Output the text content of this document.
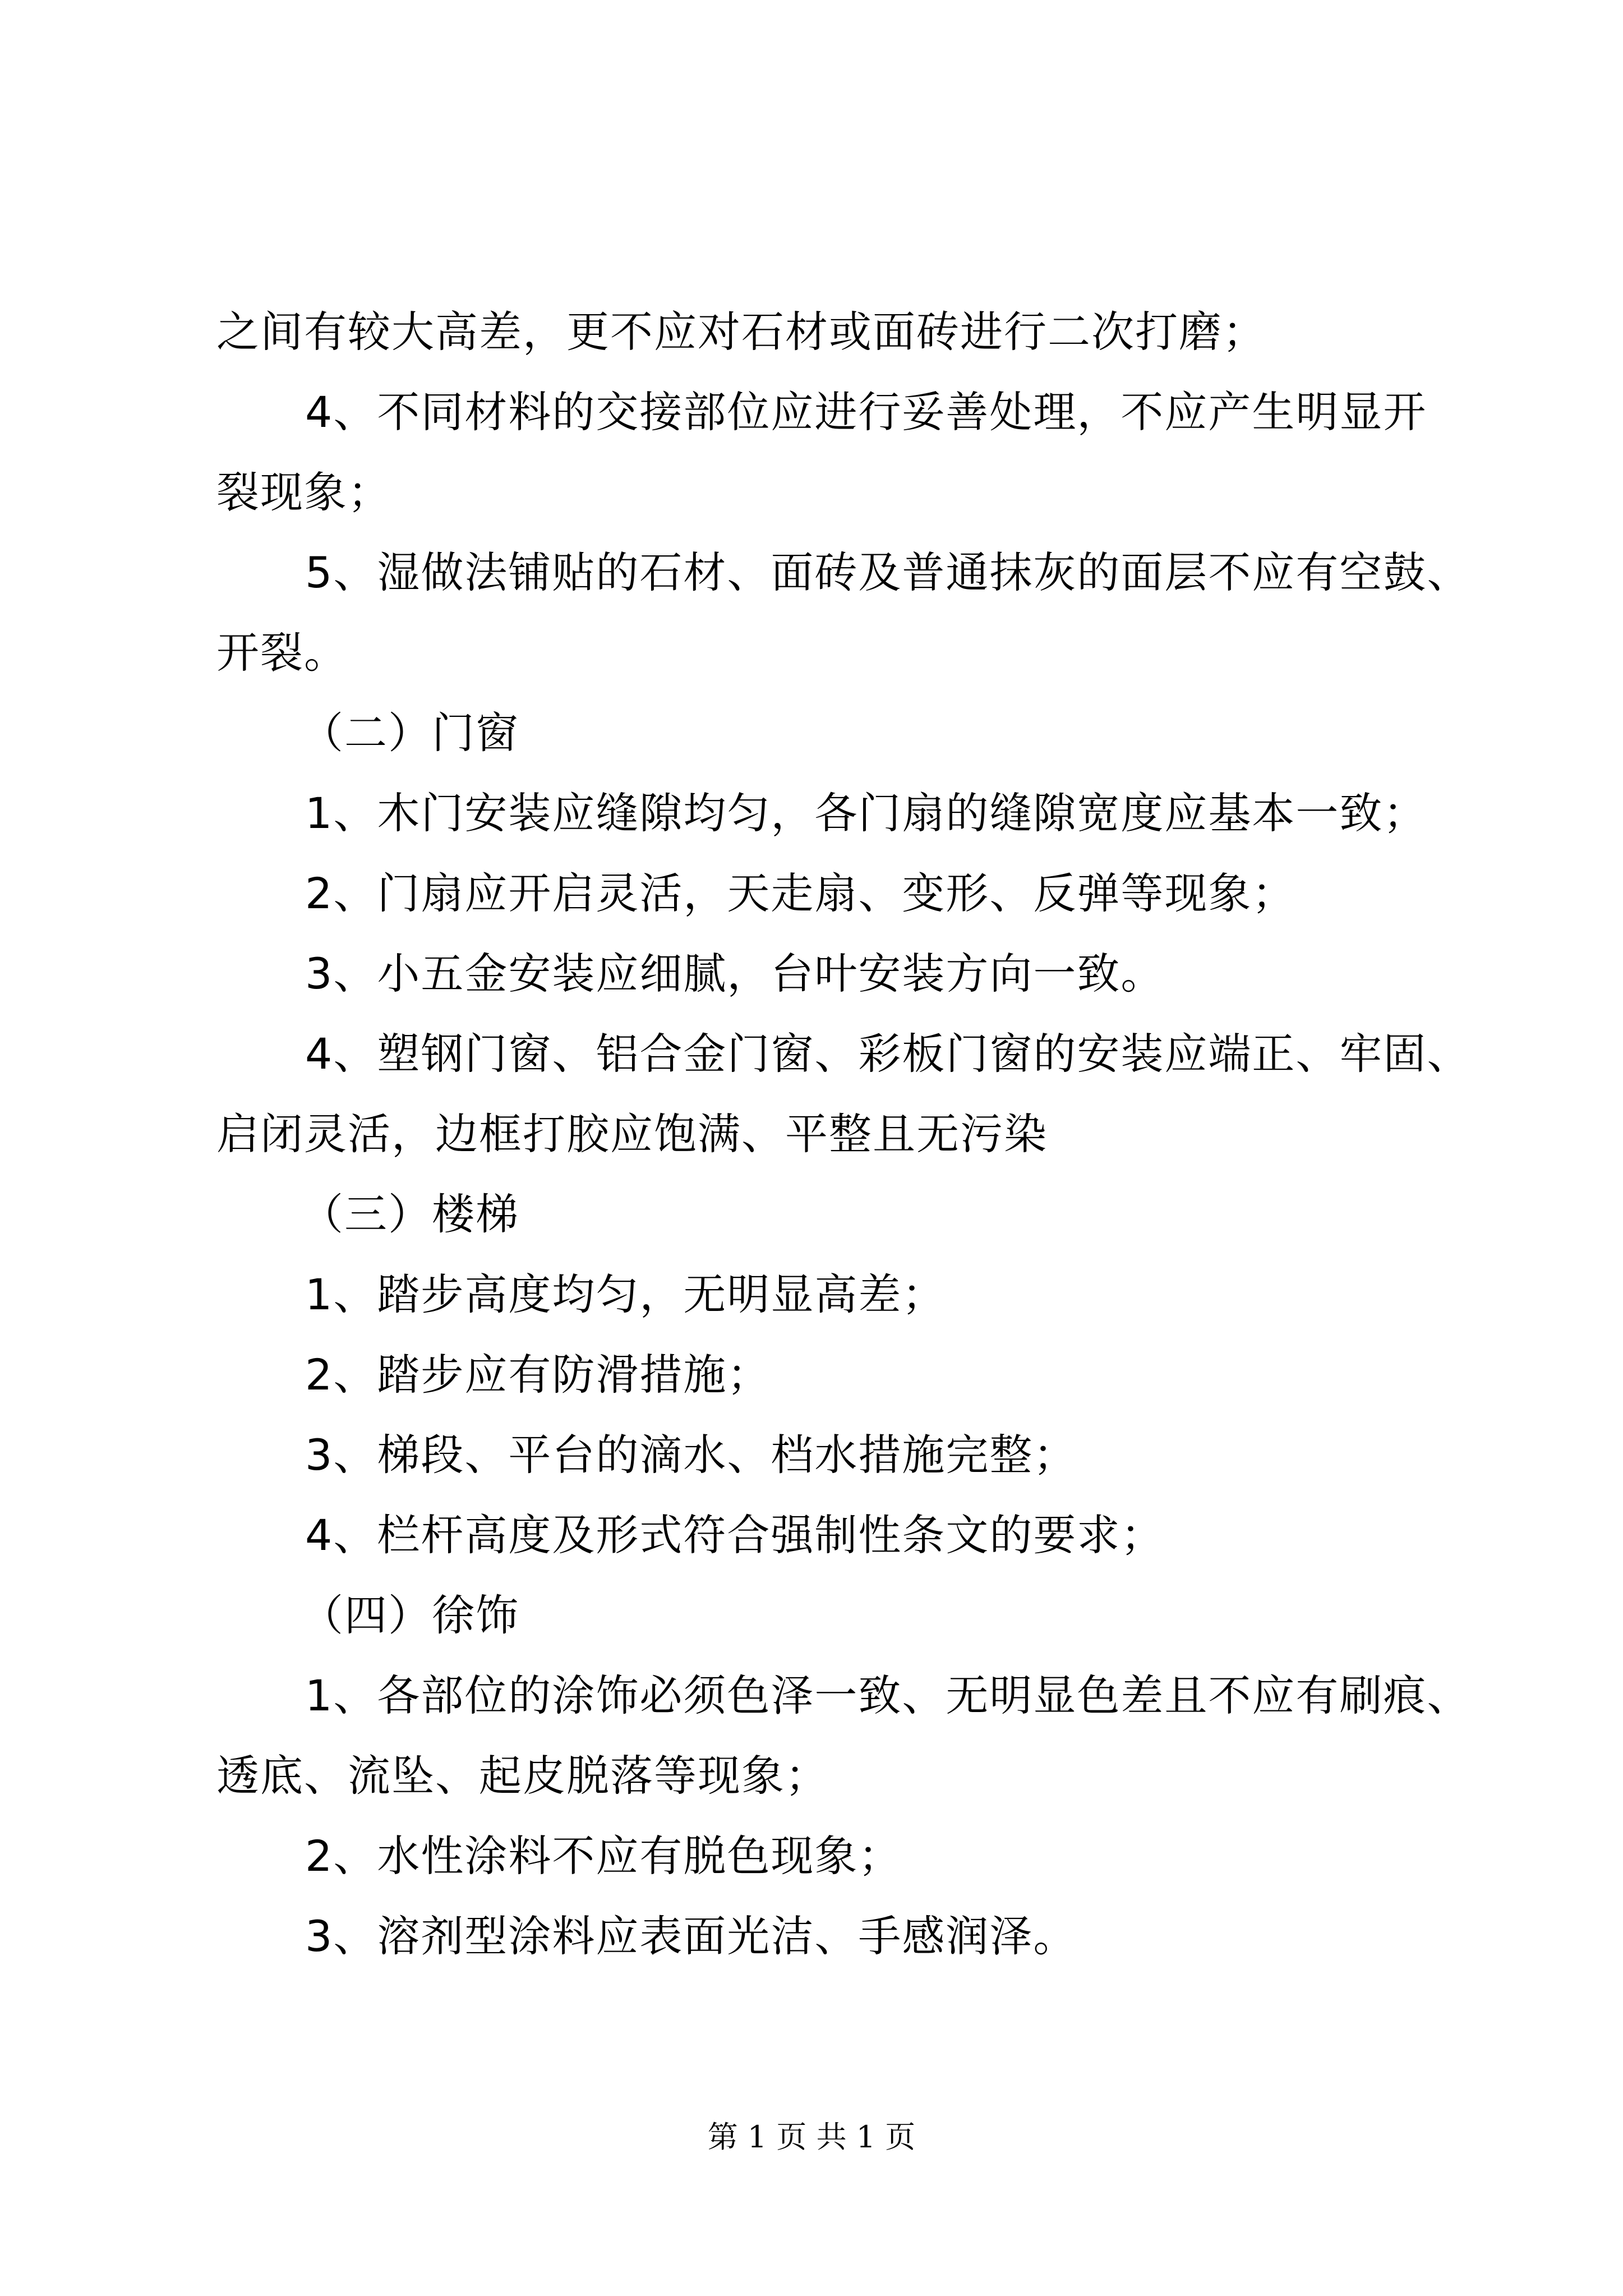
之间有较大高差，更不应对石材或面砖进行二次打磨；
4、不同材料的交接部位应进行妥善处理，不应产生明显开
裂现象；
5、湿做法铺贴的石材、面砖及普通抹灰的面层不应有空鼓、
开裂。
（二）门窗
1、木门安装应缝隙均匀，各门扇的缝隙宽度应基本一致；
2、门扇应开启灵活，天走扇、变形、反弹等现象；
3、小五金安装应细腻，台叶安装方向一致。
4、塑钢门窗、铝合金门窗、彩板门窗的安装应端正、牢固、
启闭灵活，边框打胶应饱满、平整且无污染
（三）楼梯
1、踏步高度均匀，无明显高差；
2、踏步应有防滑措施；
3、梯段、平台的滴水、档水措施完整；
4、栏杆高度及形式符合强制性条文的要求；
（四）徐饰
1、各部位的涂饰必须色泽一致、无明显色差且不应有刷痕、
透底、流坠、起皮脱落等现象；
2、水性涂料不应有脱色现象；
3、溶剂型涂料应表面光洁、手感润泽。
第 1 页 共 1 页
